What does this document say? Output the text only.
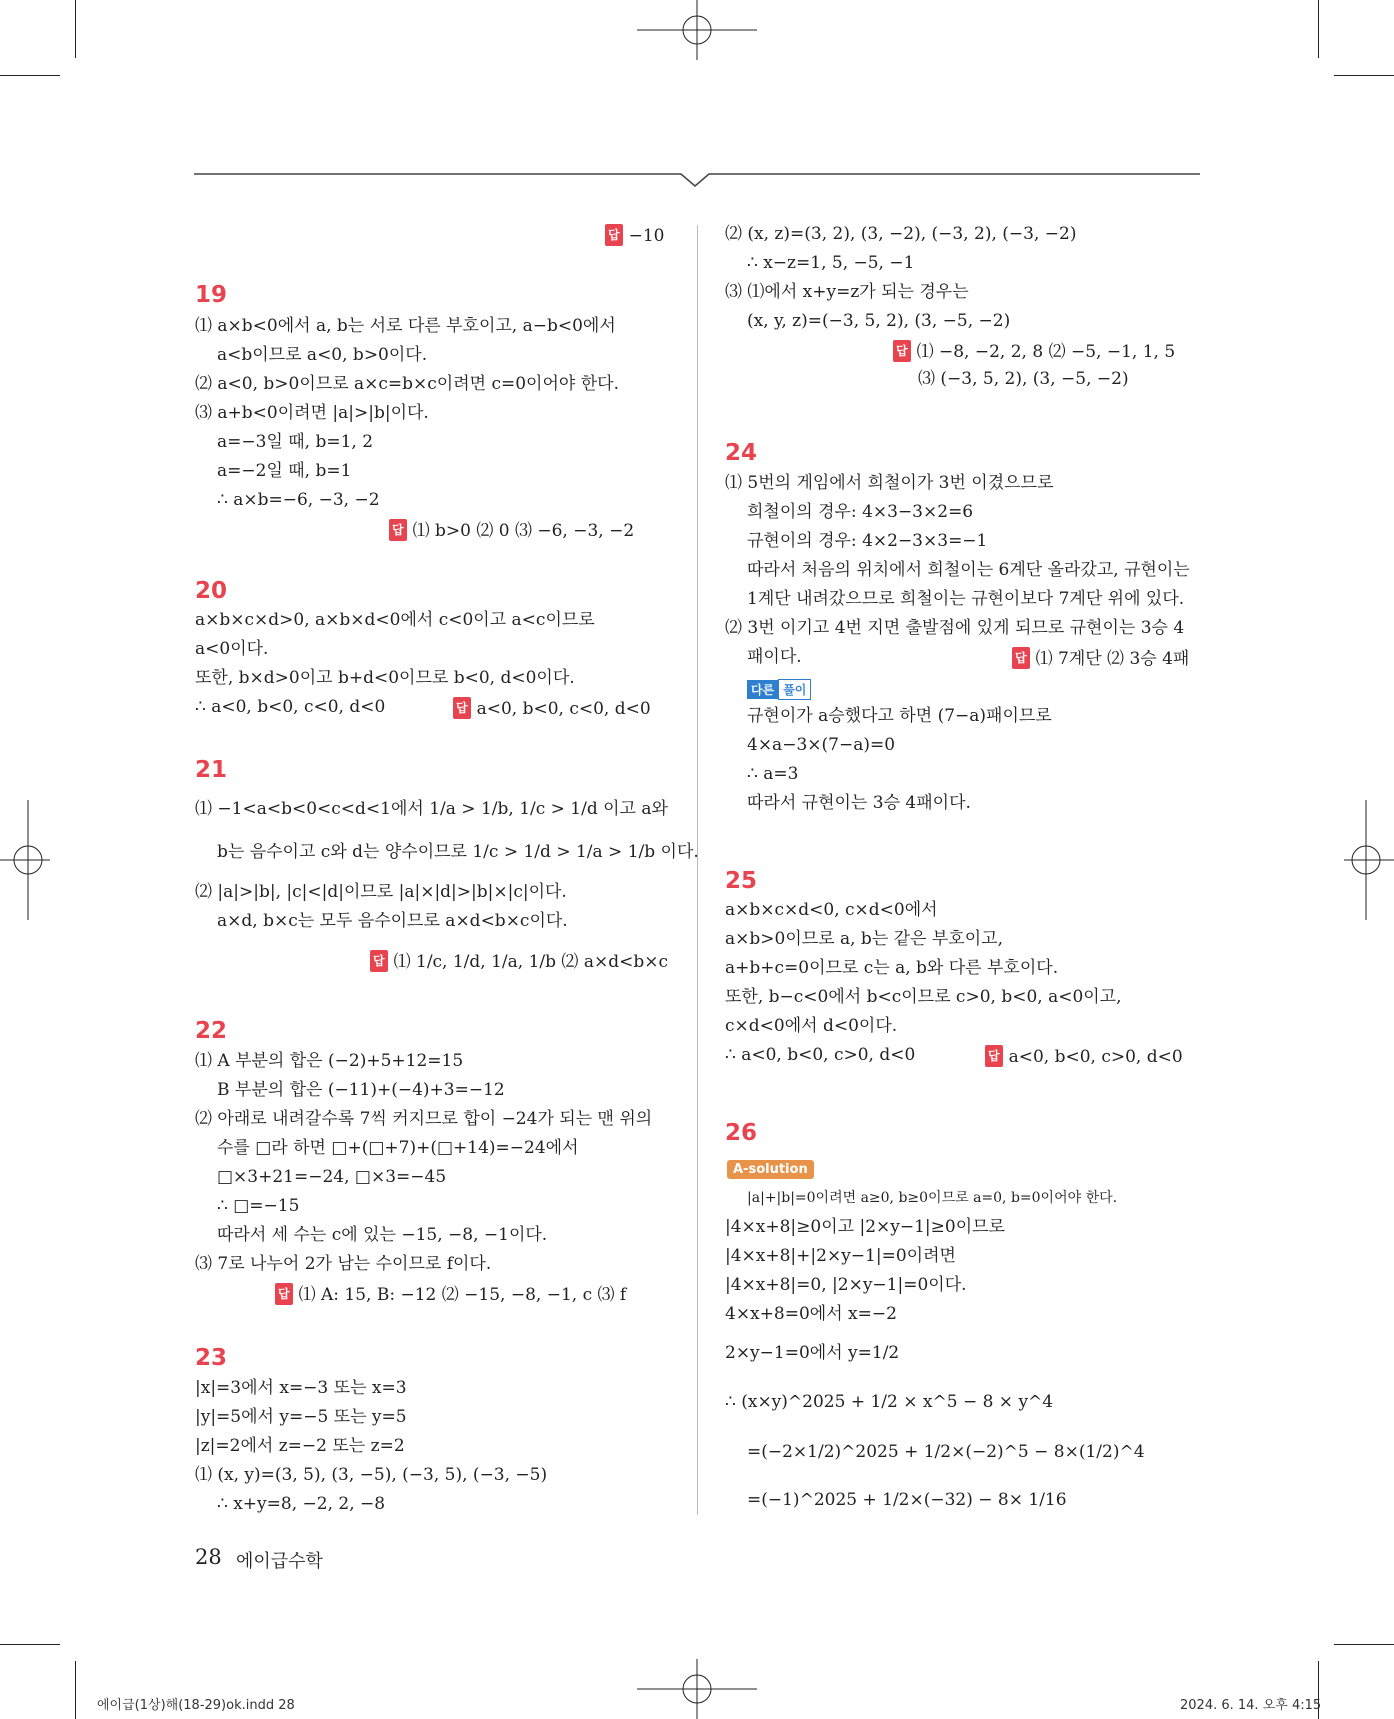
답 −10
19
⑴ a×b<0에서 a, b는 서로 다른 부호이고, a−b<0에서
a<b이므로 a<0, b>0이다.
⑵ a<0, b>0이므로 a×c=b×c이려면 c=0이어야 한다.
⑶ a+b<0이려면 |a|>|b|이다.
a=−3일 때, b=1, 2
a=−2일 때, b=1
∴ a×b=−6, −3, −2
답 ⑴ b>0 ⑵ 0 ⑶ −6, −3, −2
20
a×b×c×d>0, a×b×d<0에서 c<0이고 a<c이므로
a<0이다.
또한, b×d>0이고 b+d<0이므로 b<0, d<0이다.
∴ a<0, b<0, c<0, d<0	답 a<0, b<0, c<0, d<0
21
⑴ −1<a<b<0<c<d<1에서 1/a > 1/b, 1/c > 1/d 이고 a와
b는 음수이고 c와 d는 양수이므로 1/c > 1/d > 1/a > 1/b 이다.
⑵ |a|>|b|, |c|<|d|이므로 |a|×|d|>|b|×|c|이다.
a×d, b×c는 모두 음수이므로 a×d<b×c이다.
답 ⑴ 1/c, 1/d, 1/a, 1/b ⑵ a×d<b×c
22
⑴ A 부분의 합은 (−2)+5+12=15
B 부분의 합은 (−11)+(−4)+3=−12
⑵ 아래로 내려갈수록 7씩 커지므로 합이 −24가 되는 맨 위의
수를 □라 하면 □+(□+7)+(□+14)=−24에서
□×3+21=−24, □×3=−45
∴ □=−15
따라서 세 수는 c에 있는 −15, −8, −1이다.
⑶ 7로 나누어 2가 남는 수이므로 f이다.
답 ⑴ A: 15, B: −12 ⑵ −15, −8, −1, c ⑶ f
23
|x|=3에서 x=−3 또는 x=3
|y|=5에서 y=−5 또는 y=5
|z|=2에서 z=−2 또는 z=2
⑴ (x, y)=(3, 5), (3, −5), (−3, 5), (−3, −5)
∴ x+y=8, −2, 2, −8
28 에이급수학
⑵ (x, z)=(3, 2), (3, −2), (−3, 2), (−3, −2)
∴ x−z=1, 5, −5, −1
⑶ ⑴에서 x+y=z가 되는 경우는
(x, y, z)=(−3, 5, 2), (3, −5, −2)
답 ⑴ −8, −2, 2, 8 ⑵ −5, −1, 1, 5
⑶ (−3, 5, 2), (3, −5, −2)
24
⑴ 5번의 게임에서 희철이가 3번 이겼으므로
희철이의 경우: 4×3−3×2=6
규현이의 경우: 4×2−3×3=−1
따라서 처음의 위치에서 희철이는 6계단 올라갔고, 규현이는
1계단 내려갔으므로 희철이는 규현이보다 7계단 위에 있다.
⑵ 3번 이기고 4번 지면 출발점에 있게 되므로 규현이는 3승 4
패이다.	답 ⑴ 7계단 ⑵ 3승 4패
다른 풀이
규현이가 a승했다고 하면 (7−a)패이므로
4×a−3×(7−a)=0
∴ a=3
따라서 규현이는 3승 4패이다.
25
a×b×c×d<0, c×d<0에서
a×b>0이므로 a, b는 같은 부호이고,
a+b+c=0이므로 c는 a, b와 다른 부호이다.
또한, b−c<0에서 b<c이므로 c>0, b<0, a<0이고,
c×d<0에서 d<0이다.
∴ a<0, b<0, c>0, d<0	답 a<0, b<0, c>0, d<0
26
A-solution
|a|+|b|=0이려면 a≥0, b≥0이므로 a=0, b=0이어야 한다.
|4×x+8|≥0이고 |2×y−1|≥0이므로
|4×x+8|+|2×y−1|=0이려면
|4×x+8|=0, |2×y−1|=0이다.
4×x+8=0에서 x=−2
2×y−1=0에서 y=1/2
∴ (x×y)^2025 + 1/2 × x^5 − 8 × y^4
=(−2×1/2)^2025 + 1/2×(−2)^5 − 8×(1/2)^4
=(−1)^2025 + 1/2×(−32) − 8× 1/16
에이급(1상)해(18-29)ok.indd 28	2024. 6. 14. 오후 4:15
